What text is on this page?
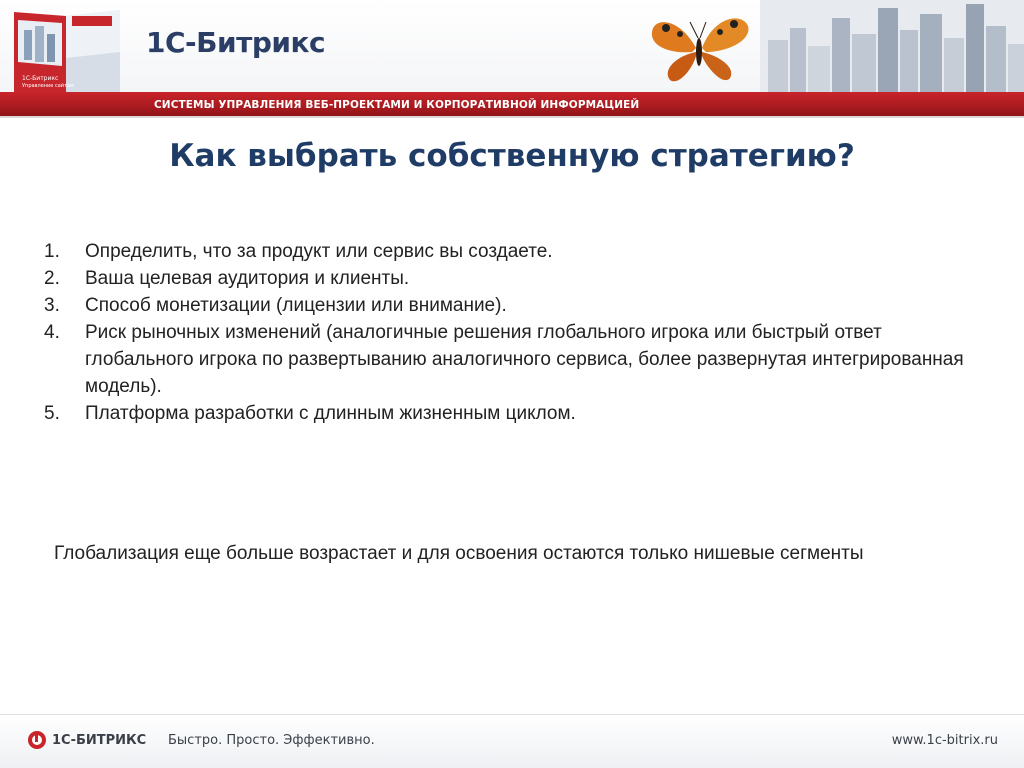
1С-Битрикс
Управление сайтом
1С-Битрикс
СИСТЕМЫ УПРАВЛЕНИЯ ВЕБ-ПРОЕКТАМИ И КОРПОРАТИВНОЙ ИНФОРМАЦИЕЙ
Как выбрать собственную стратегию?
1. Определить, что за продукт или сервис вы создаете.
2. Ваша целевая аудитория и клиенты.
3. Способ монетизации (лицензии или внимание).
4. Риск рыночных изменений (аналогичные решения глобального игрока или быстрый ответ глобального игрока по развертыванию аналогичного сервиса, более развернутая интегрированная модель).
5. Платформа разработки с длинным жизненным циклом.
Глобализация еще больше возрастает и для освоения остаются только нишевые сегменты
1С-БИТРИКС Быстро. Просто. Эффективно.	www.1c-bitrix.ru
